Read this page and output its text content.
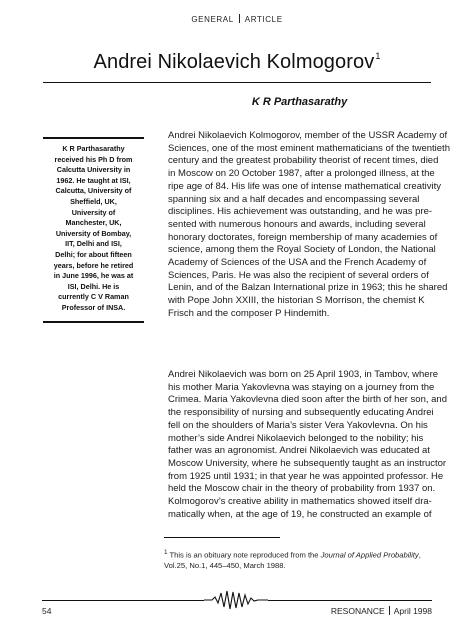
GENERAL ARTICLE
Andrei Nikolaevich Kolmogorov$^1$
K R Parthasarathy
K R Parthasarathy
received his Ph D from
Calcutta University in
1962. He taught at ISI,
Calcutta, University of
Sheffield, UK,
University of
Manchester, UK,
University of Bombay,
IIT, Delhi and ISI,
Delhi; for about fifteen
years, before he retired
in June 1996, he was at
ISI, Delhi. He is
currently C V Raman
Professor of INSA.
Andrei Nikolaevich Kolmogorov, member of the USSR Academy of
Sciences, one of the most eminent mathematicians of the twentieth
century and the greatest probability theorist of recent times, died
in Moscow on 20 October 1987, after a prolonged illness, at the
ripe age of 84. His life was one of intense mathematical creativity
spanning six and a half decades and encompassing several
disciplines. His achievement was outstanding, and he was pre-
sented with numerous honours and awards, including several
honorary doctorates, foreign membership of many academies of
science, among them the Royal Society of London, the National
Academy of Sciences of the USA and the French Academy of
Sciences, Paris. He was also the recipient of several orders of
Lenin, and of the Balzan International prize in 1963; this he shared
with Pope John XXIII, the historian S Morrison, the chemist K
Frisch and the composer P Hindemith.
Andrei Nikolaevich was born on 25 April 1903, in Tambov, where
his mother Maria Yakovlevna was staying on a journey from the
Crimea. Maria Yakovlevna died soon after the birth of her son, and
the responsibility of nursing and subsequently educating Andrei
fell on the shoulders of Maria’s sister Vera Yakovlevna. On his
mother’s side Andrei Nikolaevich belonged to the nobility; his
father was an agronomist. Andrei Nikolaevich was educated at
Moscow University, where he subsequently taught as an instructor
from 1925 until 1931; in that year he was appointed professor. He
held the Moscow chair in the theory of probability from 1937 on.
Kolmogorov’s creative ability in mathematics showed itself dra-
matically when, at the age of 19, he constructed an example of
$^1$ This is an obituary note reproduced from the Journal of Applied Probability,
Vol.25, No.1, 445–450, March 1988.
54	RESONANCE April 1998
